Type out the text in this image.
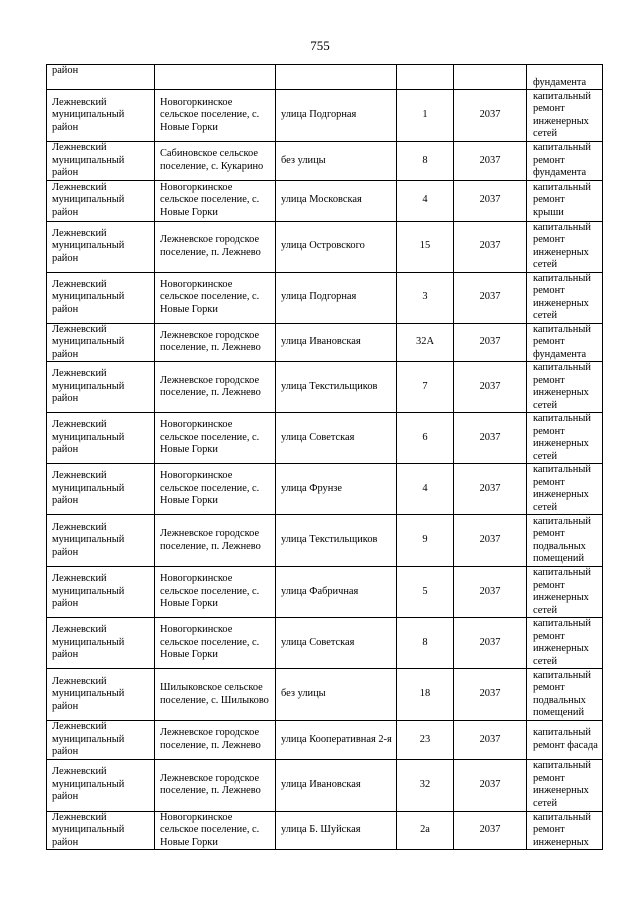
755
район					фундамента
Лежневский муниципальный район	Новогоркинское сельское поселение, с. Новые Горки	улица Подгорная	1	2037	капитальный ремонт инженерных сетей
Лежневский муниципальный район	Сабиновское сельское поселение, с. Кукарино	без улицы	8	2037	капитальный ремонт фундамента
Лежневский муниципальный район	Новогоркинское сельское поселение, с. Новые Горки	улица Московская	4	2037	капитальный ремонт крыши
Лежневский муниципальный район	Лежневское городское поселение, п. Лежнево	улица Островского	15	2037	капитальный ремонт инженерных сетей
Лежневский муниципальный район	Новогоркинское сельское поселение, с. Новые Горки	улица Подгорная	3	2037	капитальный ремонт инженерных сетей
Лежневский муниципальный район	Лежневское городское поселение, п. Лежнево	улица Ивановская	32А	2037	капитальный ремонт фундамента
Лежневский муниципальный район	Лежневское городское поселение, п. Лежнево	улица Текстильщиков	7	2037	капитальный ремонт инженерных сетей
Лежневский муниципальный район	Новогоркинское сельское поселение, с. Новые Горки	улица Советская	6	2037	капитальный ремонт инженерных сетей
Лежневский муниципальный район	Новогоркинское сельское поселение, с. Новые Горки	улица Фрунзе	4	2037	капитальный ремонт инженерных сетей
Лежневский муниципальный район	Лежневское городское поселение, п. Лежнево	улица Текстильщиков	9	2037	капитальный ремонт подвальных помещений
Лежневский муниципальный район	Новогоркинское сельское поселение, с. Новые Горки	улица Фабричная	5	2037	капитальный ремонт инженерных сетей
Лежневский муниципальный район	Новогоркинское сельское поселение, с. Новые Горки	улица Советская	8	2037	капитальный ремонт инженерных сетей
Лежневский муниципальный район	Шилыковское сельское поселение, с. Шилыково	без улицы	18	2037	капитальный ремонт подвальных помещений
Лежневский муниципальный район	Лежневское городское поселение, п. Лежнево	улица Кооперативная 2-я	23	2037	капитальный ремонт фасада
Лежневский муниципальный район	Лежневское городское поселение, п. Лежнево	улица Ивановская	32	2037	капитальный ремонт инженерных сетей
Лежневский муниципальный район	Новогоркинское сельское поселение, с. Новые Горки	улица Б. Шуйская	2а	2037	капитальный ремонт инженерных
